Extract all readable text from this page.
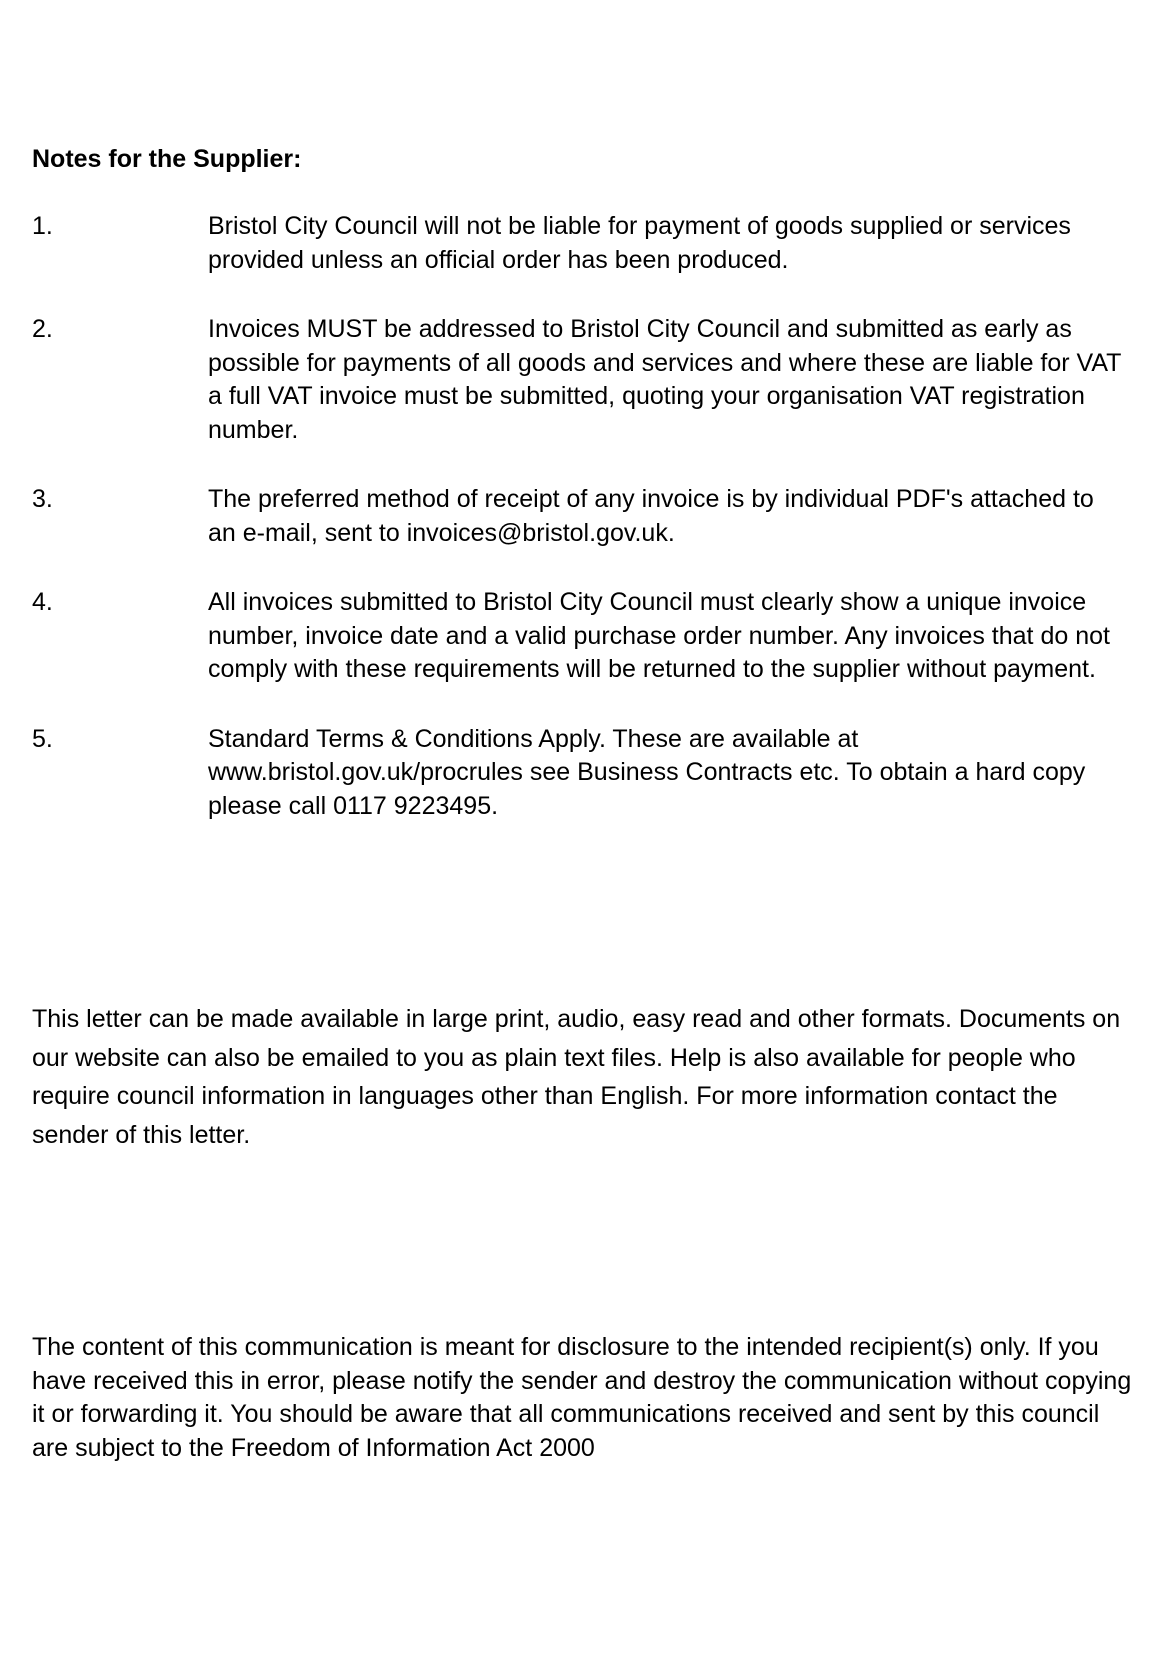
Notes for the Supplier:
1.	Bristol City Council will not be liable for payment of goods supplied or services provided unless an official order has been produced.
2.	Invoices MUST be addressed to Bristol City Council and submitted as early as possible for payments of all goods and services and where these are liable for VAT a full VAT invoice must be submitted, quoting your organisation VAT registration number.
3.	The preferred method of receipt of any invoice is by individual PDF's attached to an e-mail, sent to invoices@bristol.gov.uk.
4.	All invoices submitted to Bristol City Council must clearly show a unique invoice number, invoice date and a valid purchase order number. Any invoices that do not comply with these requirements will be returned to the supplier without payment.
5.	Standard Terms & Conditions Apply. These are available at www.bristol.gov.uk/procrules see Business Contracts etc. To obtain a hard copy please call 0117 9223495.
This letter can be made available in large print, audio, easy read and other formats. Documents on our website can also be emailed to you as plain text files. Help is also available for people who require council information in languages other than English. For more information contact the sender of this letter.
The content of this communication is meant for disclosure to the intended recipient(s) only. If you have received this in error, please notify the sender and destroy the communication without copying it or forwarding it. You should be aware that all communications received and sent by this council are subject to the Freedom of Information Act 2000
